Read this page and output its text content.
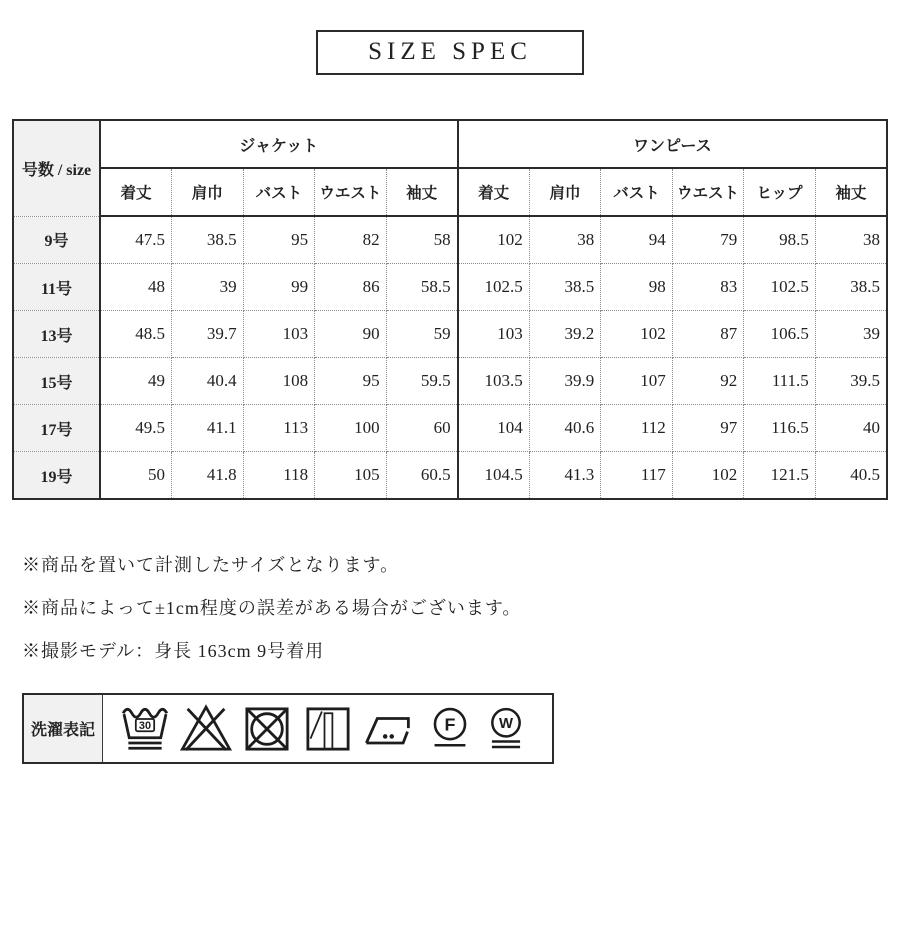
SIZE SPEC
号数 / size	ジャケット					ワンピース					
	着丈	肩巾	バスト	ウエスト	袖丈	着丈	肩巾	バスト	ウエスト	ヒップ	袖丈
9号	47.5	38.5	95	82	58	102	38	94	79	98.5	38
11号	48	39	99	86	58.5	102.5	38.5	98	83	102.5	38.5
13号	48.5	39.7	103	90	59	103	39.2	102	87	106.5	39
15号	49	40.4	108	95	59.5	103.5	39.9	107	92	111.5	39.5
17号	49.5	41.1	113	100	60	104	40.6	112	97	116.5	40
19号	50	41.8	118	105	60.5	104.5	41.3	117	102	121.5	40.5

※商品を置いて計測したサイズとなります。

※商品によって±1cm程度の誤差がある場合がございます。

※撮影モデル：身長 163cm 9号着用

洗濯表記	30	F W
